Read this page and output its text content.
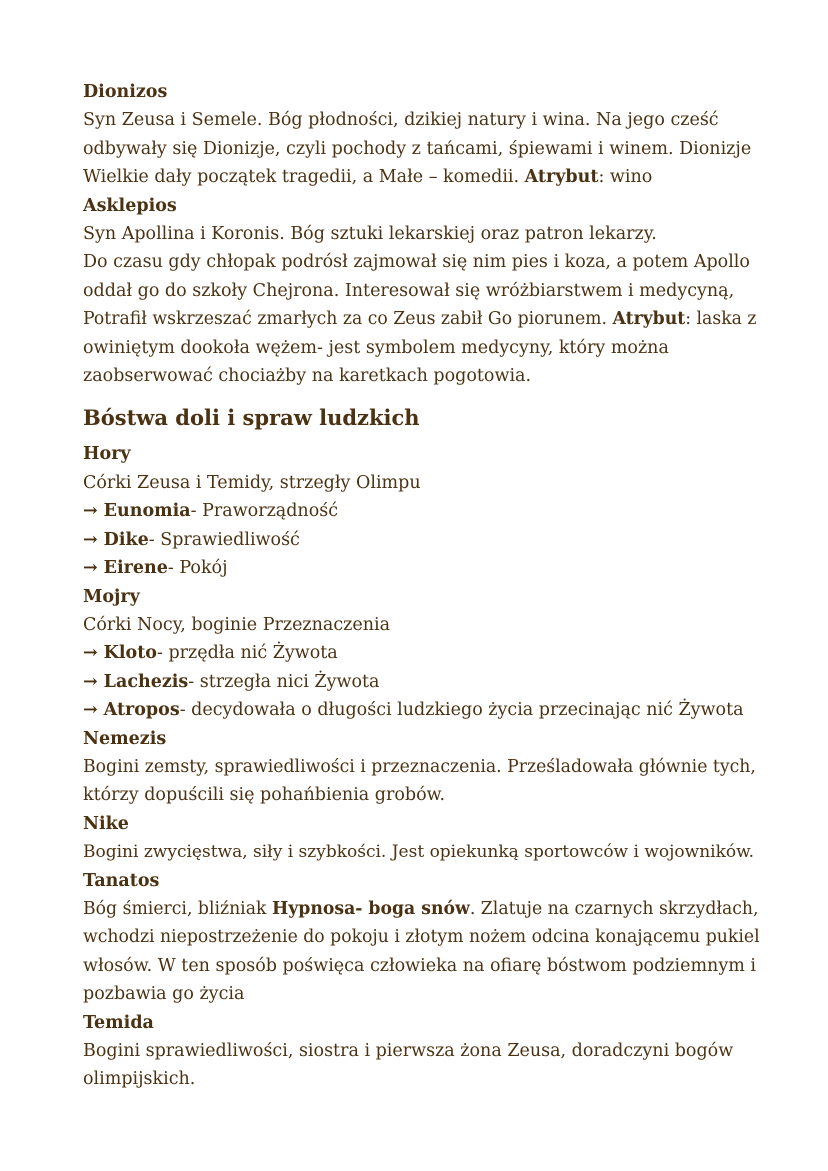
Dionizos
Syn Zeusa i Semele. Bóg płodności, dzikiej natury i wina. Na jego cześć
odbywały się Dionizje, czyli pochody z tańcami, śpiewami i winem. Dionizje
Wielkie dały początek tragedii, a Małe – komedii. Atrybut: wino
Asklepios
Syn Apollina i Koronis. Bóg sztuki lekarskiej oraz patron lekarzy.
Do czasu gdy chłopak podrósł zajmował się nim pies i koza, a potem Apollo
oddał go do szkoły Chejrona. Interesował się wróżbiarstwem i medycyną,
Potrafił wskrzeszać zmarłych za co Zeus zabił Go piorunem. Atrybut: laska z
owiniętym dookoła wężem- jest symbolem medycyny, który można
zaobserwować chociażby na karetkach pogotowia.
Bóstwa doli i spraw ludzkich
Hory
Córki Zeusa i Temidy, strzegły Olimpu
→ Eunomia- Praworządność
→ Dike- Sprawiedliwość
→ Eirene- Pokój
Mojry
Córki Nocy, boginie Przeznaczenia
→ Kloto- przędła nić Żywota
→ Lachezis- strzegła nici Żywota
→ Atropos- decydowała o długości ludzkiego życia przecinając nić Żywota
Nemezis
Bogini zemsty, sprawiedliwości i przeznaczenia. Prześladowała głównie tych,
którzy dopuścili się pohańbienia grobów.
Nike
Bogini zwycięstwa, siły i szybkości. Jest opiekunką sportowców i wojowników.
Tanatos
Bóg śmierci, bliźniak Hypnosa- boga snów. Zlatuje na czarnych skrzydłach,
wchodzi niepostrzeżenie do pokoju i złotym nożem odcina konającemu pukiel
włosów. W ten sposób poświęca człowieka na ofiarę bóstwom podziemnym i
pozbawia go życia
Temida
Bogini sprawiedliwości, siostra i pierwsza żona Zeusa, doradczyni bogów
olimpijskich.
